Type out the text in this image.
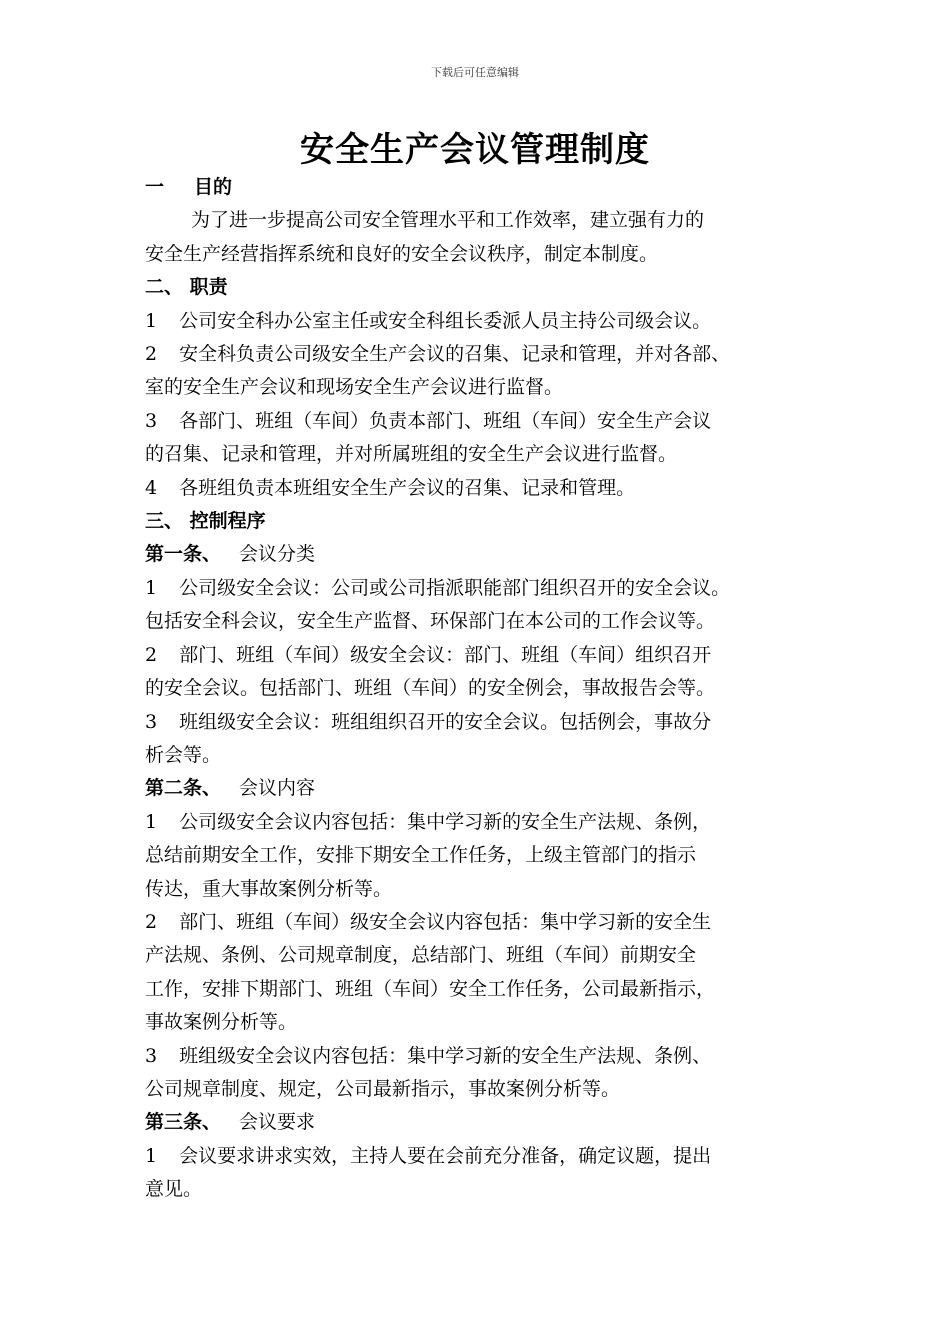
下载后可任意编辑
安全生产会议管理制度
一 目的
为了进一步提高公司安全管理水平和工作效率，建立强有力的
安全生产经营指挥系统和良好的安全会议秩序，制定本制度。
二、 职责
1 公司安全科办公室主任或安全科组长委派人员主持公司级会议。
2 安全科负责公司级安全生产会议的召集、记录和管理，并对各部、
室的安全生产会议和现场安全生产会议进行监督。
3 各部门、班组（车间）负责本部门、班组（车间）安全生产会议
的召集、记录和管理，并对所属班组的安全生产会议进行监督。
4 各班组负责本班组安全生产会议的召集、记录和管理。
三、 控制程序
第一条、 会议分类
1 公司级安全会议：公司或公司指派职能部门组织召开的安全会议。
包括安全科会议，安全生产监督、环保部门在本公司的工作会议等。
2 部门、班组（车间）级安全会议：部门、班组（车间）组织召开
的安全会议。包括部门、班组（车间）的安全例会，事故报告会等。
3 班组级安全会议：班组组织召开的安全会议。包括例会，事故分
析会等。
第二条、 会议内容
1 公司级安全会议内容包括：集中学习新的安全生产法规、条例，
总结前期安全工作，安排下期安全工作任务，上级主管部门的指示
传达，重大事故案例分析等。
2 部门、班组（车间）级安全会议内容包括：集中学习新的安全生
产法规、条例、公司规章制度，总结部门、班组（车间）前期安全
工作，安排下期部门、班组（车间）安全工作任务，公司最新指示，
事故案例分析等。
3 班组级安全会议内容包括：集中学习新的安全生产法规、条例、
公司规章制度、规定，公司最新指示，事故案例分析等。
第三条、 会议要求
1 会议要求讲求实效，主持人要在会前充分准备，确定议题，提出
意见。
